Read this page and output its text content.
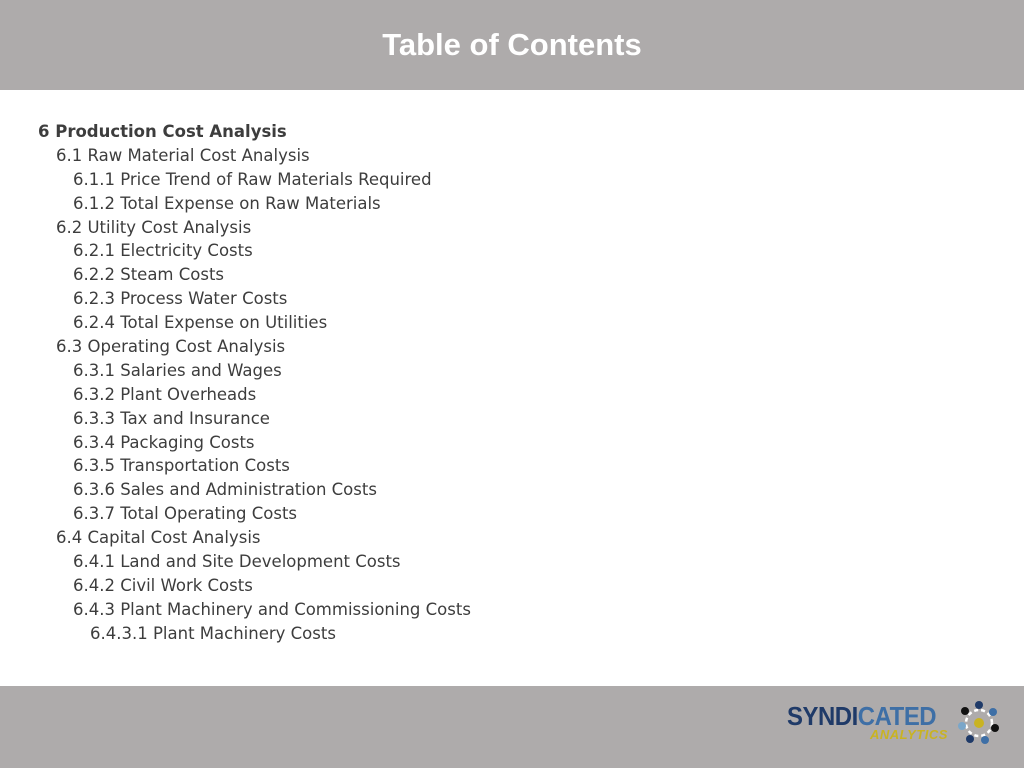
Table of Contents
6 Production Cost Analysis
6.1 Raw Material Cost Analysis
6.1.1 Price Trend of Raw Materials Required
6.1.2 Total Expense on Raw Materials
6.2 Utility Cost Analysis
6.2.1 Electricity Costs
6.2.2 Steam Costs
6.2.3 Process Water Costs
6.2.4 Total Expense on Utilities
6.3 Operating Cost Analysis
6.3.1 Salaries and Wages
6.3.2 Plant Overheads
6.3.3 Tax and Insurance
6.3.4 Packaging Costs
6.3.5 Transportation Costs
6.3.6 Sales and Administration Costs
6.3.7 Total Operating Costs
6.4 Capital Cost Analysis
6.4.1 Land and Site Development Costs
6.4.2 Civil Work Costs
6.4.3 Plant Machinery and Commissioning Costs
6.4.3.1 Plant Machinery Costs
SYNDICATED
ANALYTICS
